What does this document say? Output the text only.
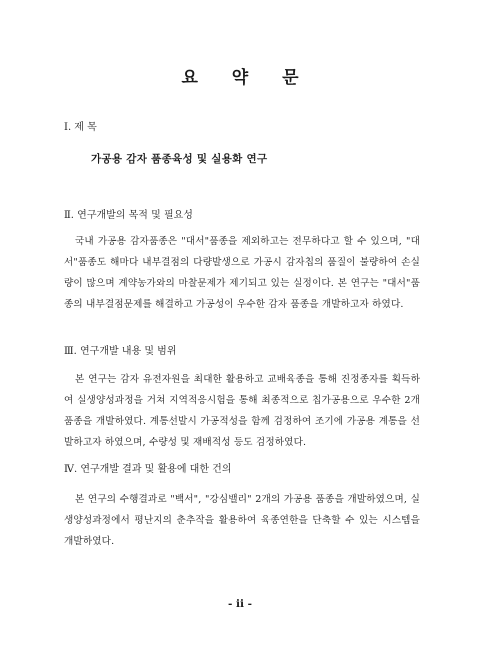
요 약 문
Ⅰ. 제 목
가공용 감자 품종육성 및 실용화 연구
Ⅱ. 연구개발의 목적 및 필요성

국내 가공용 감자품종은 "대서"품종을 제외하고는 전무하다고 할 수 있으며, "대서"품종도 해마다 내부결점의 다량발생으로 가공시 감자칩의 품질이 불량하여 손실량이 많으며 계약농가와의 마찰문제가 제기되고 있는 실정이다. 본 연구는 "대서"품종의 내부결점문제를 해결하고 가공성이 우수한 감자 품종을 개발하고자 하였다.

Ⅲ. 연구개발 내용 및 범위

본 연구는 감자 유전자원을 최대한 활용하고 교배육종을 통해 진정종자를 획득하여 실생양성과정을 거쳐 지역적응시험을 통해 최종적으로 칩가공용으로 우수한 2개품종을 개발하였다. 계통선발시 가공적성을 함께 검정하여 조기에 가공용 계통을 선발하고자 하였으며, 수량성 및 재배적성 등도 검정하였다.

Ⅳ. 연구개발 결과 및 활용에 대한 건의

본 연구의 수행결과로 "백서", "강심밸리" 2개의 가공용 품종을 개발하였으며, 실생양성과정에서 평난지의 춘추작을 활용하여 육종연한을 단축할 수 있는 시스템을 개발하였다.

- ii -
